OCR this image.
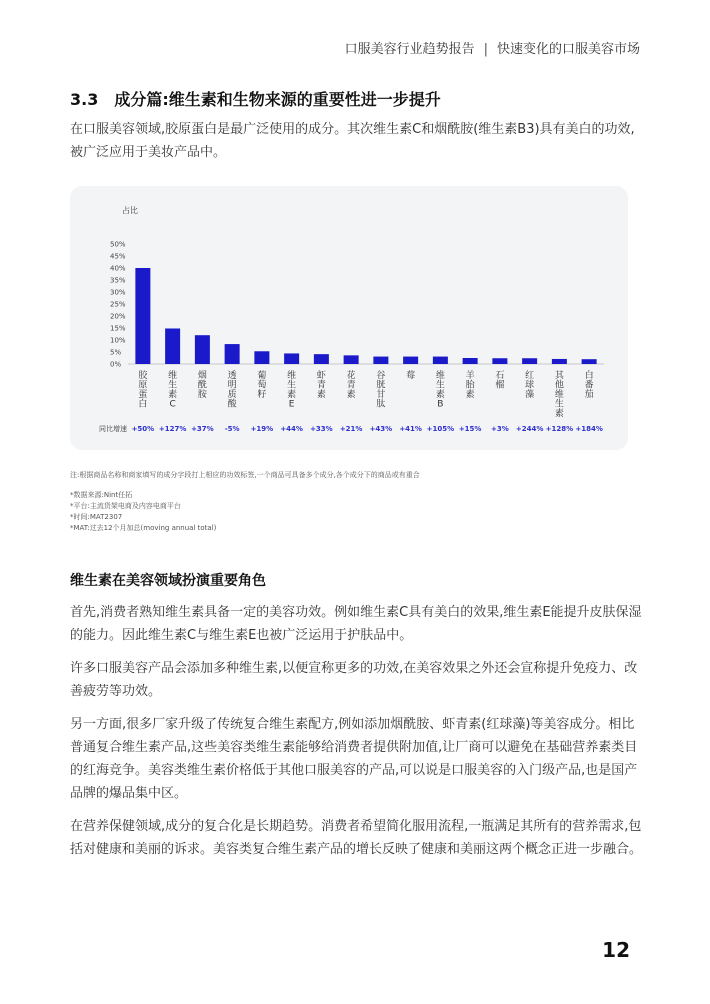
口服美容行业趋势报告 | 快速变化的口服美容市场
3.3 成分篇:维生素和生物来源的重要性进一步提升
在口服美容领域,胶原蛋白是最广泛使用的成分。其次维生素C和烟酰胺(维生素B3)具有美白的功效,被广泛应用于美妆产品中。
占比
0%
5%
10%
15%
20%
25%
30%
35%
40%
45%
50%
胶原蛋白
+50%
维生素 C
+127%
烟酰胺
+37%
透明质酸
-5%
葡萄籽
+19%
维生素 E
+44%
虾青素
+33%
花青素
+21%
谷胱甘肽
+43%
莓
+41%
维生素 B
+105%
羊胎素
+15%
石榴
+3%
红球藻
+244%
其他维生素
+128%
白番茄
+184%
同比增速
注:根据商品名称和商家填写的成分字段打上相应的功效标签,一个商品可具备多个成分,各个成分下的商品或有重合
*数据来源:Nint任拓
*平台:主流货架电商及内容电商平台
*时间:MAT2307
*MAT:过去12个月加总(moving annual total)
维生素在美容领域扮演重要角色

首先,消费者熟知维生素具备一定的美容功效。例如维生素C具有美白的效果,维生素E能提升皮肤保湿的能力。因此维生素C与维生素E也被广泛运用于护肤品中。

许多口服美容产品会添加多种维生素,以便宣称更多的功效,在美容效果之外还会宣称提升免疫力、改善疲劳等功效。

另一方面,很多厂家升级了传统复合维生素配方,例如添加烟酰胺、虾青素(红球藻)等美容成分。相比普通复合维生素产品,这些美容类维生素能够给消费者提供附加值,让厂商可以避免在基础营养素类目的红海竞争。美容类维生素价格低于其他口服美容的产品,可以说是口服美容的入门级产品,也是国产品牌的爆品集中区。

在营养保健领域,成分的复合化是长期趋势。消费者希望简化服用流程,一瓶满足其所有的营养需求,包括对健康和美丽的诉求。美容类复合维生素产品的增长反映了健康和美丽这两个概念正进一步融合。

12
